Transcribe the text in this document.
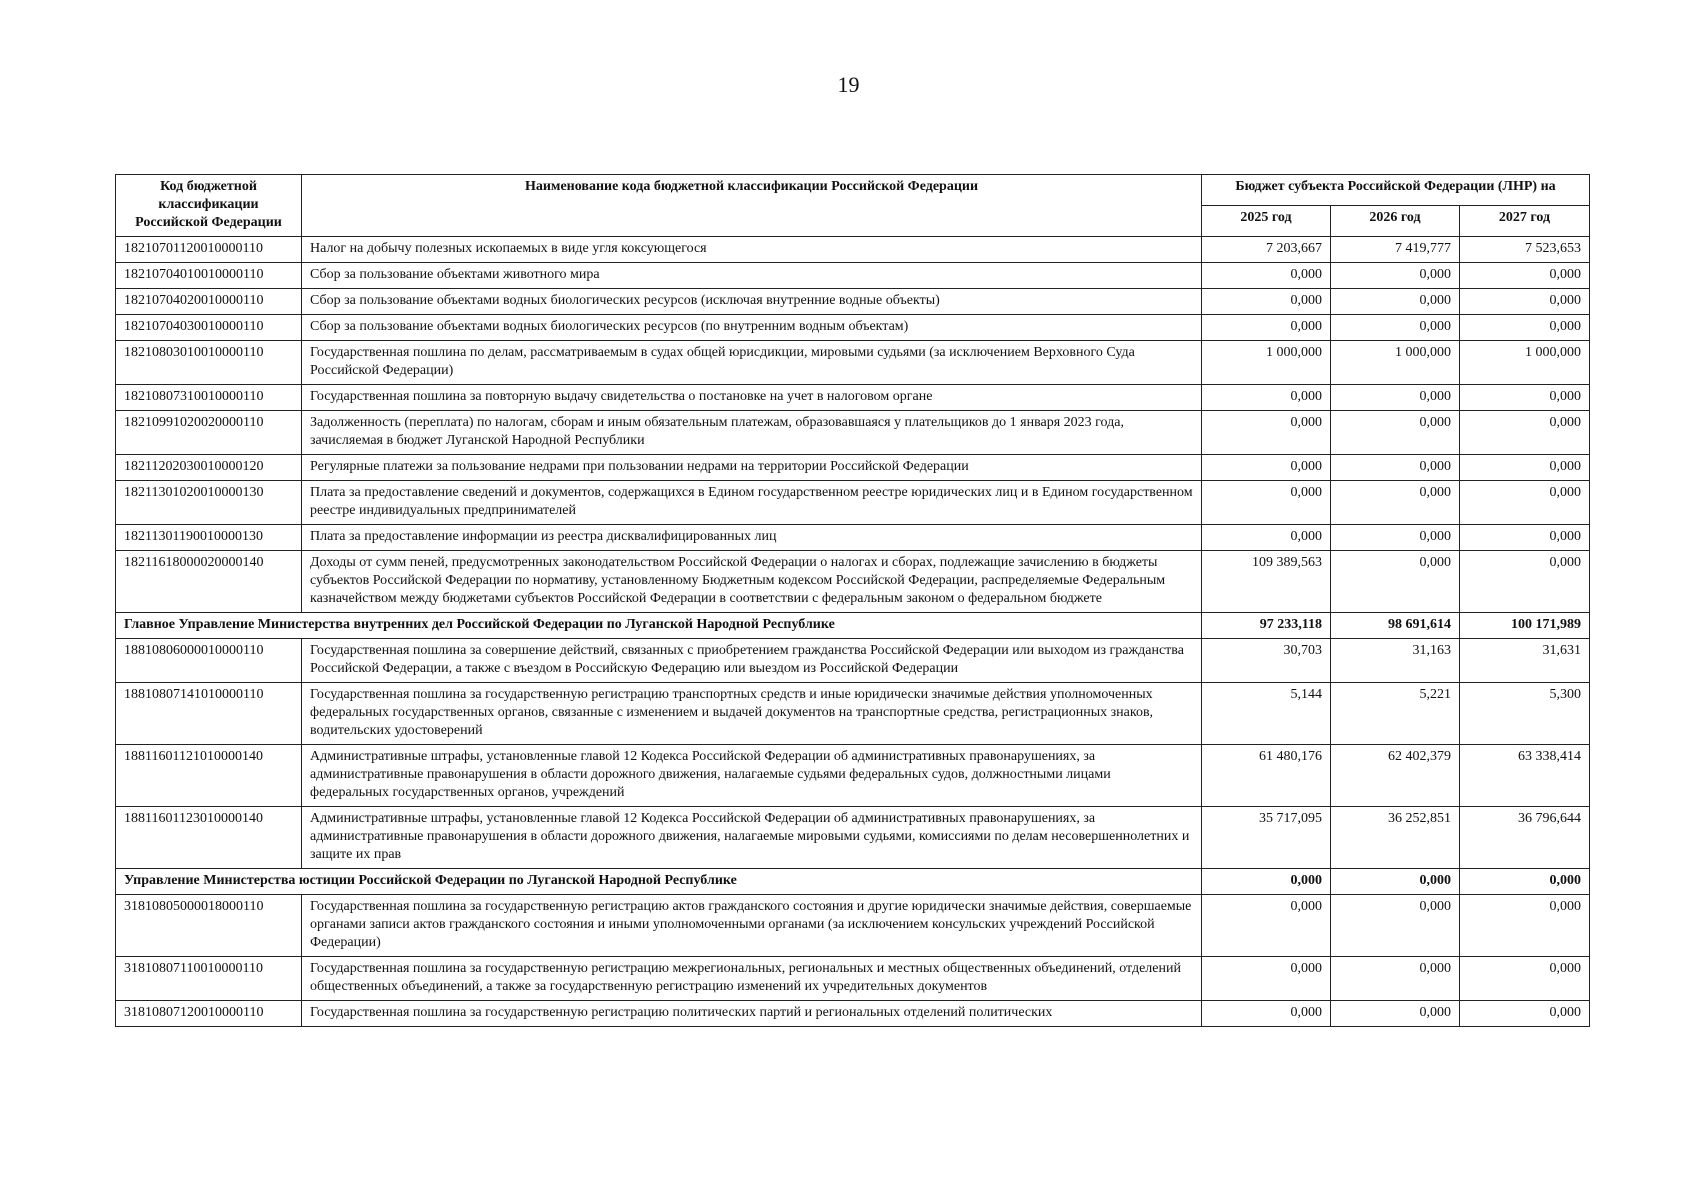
19
Код бюджетной классификации Российской Федерации	Наименование кода бюджетной классификации Российской Федерации	Бюджет субъекта Российской Федерации (ЛНР) на		
		2025 год	2026 год	2027 год
18210701120010000110	Налог на добычу полезных ископаемых в виде угля коксующегося	7 203,667	7 419,777	7 523,653
18210704010010000110	Сбор за пользование объектами животного мира	0,000	0,000	0,000
18210704020010000110	Сбор за пользование объектами водных биологических ресурсов (исключая внутренние водные объекты)	0,000	0,000	0,000
18210704030010000110	Сбор за пользование объектами водных биологических ресурсов (по внутренним водным объектам)	0,000	0,000	0,000
18210803010010000110	Государственная пошлина по делам, рассматриваемым в судах общей юрисдикции, мировыми судьями (за исключением Верховного Суда Российской Федерации)	1 000,000	1 000,000	1 000,000
18210807310010000110	Государственная пошлина за повторную выдачу свидетельства о постановке на учет в налоговом органе	0,000	0,000	0,000
18210991020020000110	Задолженность (переплата) по налогам, сборам и иным обязательным платежам, образовавшаяся у плательщиков до 1 января 2023 года, зачисляемая в бюджет Луганской Народной Республики	0,000	0,000	0,000
18211202030010000120	Регулярные платежи за пользование недрами при пользовании недрами на территории Российской Федерации	0,000	0,000	0,000
18211301020010000130	Плата за предоставление сведений и документов, содержащихся в Едином государственном реестре юридических лиц и в Едином государственном реестре индивидуальных предпринимателей	0,000	0,000	0,000
18211301190010000130	Плата за предоставление информации из реестра дисквалифицированных лиц	0,000	0,000	0,000
18211618000020000140	Доходы от сумм пеней, предусмотренных законодательством Российской Федерации о налогах и сборах, подлежащие зачислению в бюджеты субъектов Российской Федерации по нормативу, установленному Бюджетным кодексом Российской Федерации, распределяемые Федеральным казначейством между бюджетами субъектов Российской Федерации в соответствии с федеральным законом о федеральном бюджете	109 389,563	0,000	0,000
Главное Управление Министерства внутренних дел Российской Федерации по Луганской Народной Республике		97 233,118	98 691,614	100 171,989
18810806000010000110	Государственная пошлина за совершение действий, связанных с приобретением гражданства Российской Федерации или выходом из гражданства Российской Федерации, а также с въездом в Российскую Федерацию или выездом из Российской Федерации	30,703	31,163	31,631
18810807141010000110	Государственная пошлина за государственную регистрацию транспортных средств и иные юридически значимые действия уполномоченных федеральных государственных органов, связанные с изменением и выдачей документов на транспортные средства, регистрационных знаков, водительских удостоверений	5,144	5,221	5,300
18811601121010000140	Административные штрафы, установленные главой 12 Кодекса Российской Федерации об административных правонарушениях, за административные правонарушения в области дорожного движения, налагаемые судьями федеральных судов, должностными лицами федеральных государственных органов, учреждений	61 480,176	62 402,379	63 338,414
18811601123010000140	Административные штрафы, установленные главой 12 Кодекса Российской Федерации об административных правонарушениях, за административные правонарушения в области дорожного движения, налагаемые мировыми судьями, комиссиями по делам несовершеннолетних и защите их прав	35 717,095	36 252,851	36 796,644
Управление Министерства юстиции Российской Федерации по Луганской Народной Республике		0,000	0,000	0,000
31810805000018000110	Государственная пошлина за государственную регистрацию актов гражданского состояния и другие юридически значимые действия, совершаемые органами записи актов гражданского состояния и иными уполномоченными органами (за исключением консульских учреждений Российской Федерации)	0,000	0,000	0,000
31810807110010000110	Государственная пошлина за государственную регистрацию межрегиональных, региональных и местных общественных объединений, отделений общественных объединений, а также за государственную регистрацию изменений их учредительных документов	0,000	0,000	0,000
31810807120010000110	Государственная пошлина за государственную регистрацию политических партий и региональных отделений политических	0,000	0,000	0,000
